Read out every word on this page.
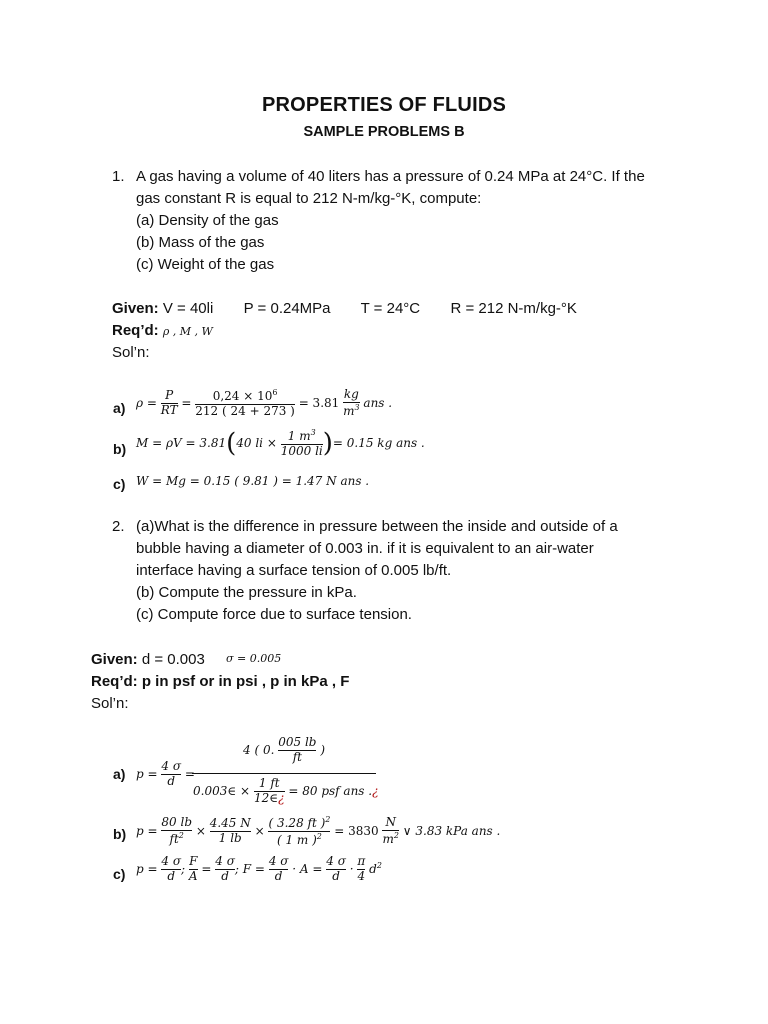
PROPERTIES OF FLUIDS
SAMPLE PROBLEMS B
1. A gas having a volume of 40 liters has a pressure of 0.24 MPa at 24°C. If the
gas constant R is equal to 212 N-m/kg-°K, compute:
(a) Density of the gas
(b) Mass of the gas
(c) Weight of the gas
Given: V = 40li P = 0.24MPa T = 24°C R = 212 N-m/kg-°K
Req’d: ρ , M , W
Sol’n:
a) $\rho = \frac{P}{RT} = \frac{0,24 \times 10^6}{212 ( 24 + 273 )} = 3.81 \frac{kg}{m^3}$ ans .
b) M = ρV = 3.81(40 li × $\frac{1 m^3}{1000 li}$ )= 0.15 kg ans .
c) W = Mg = 0.15 ( 9.81 ) = 1.47 N ans .
2. (a)What is the difference in pressure between the inside and outside of a
bubble having a diameter of 0.003 in. if it is equivalent to an air-water
interface having a surface tension of 0.005 lb/ft.
(b) Compute the pressure in kPa.
(c) Compute force due to surface tension.
Given: d = 0.003 σ = 0.005
Req’d: p in psf or in psi , p in kPa , F
Sol’n:
a) $p = \frac{4 \sigma}{d}$ =
4 ( 0. $\frac{005 lb}{ft}$ )
0.003∈ × $\frac{1 ft}{12\in¿} = 80$ psf ans .¿
b) $p = \frac{80 lb}{ft^2} \times \frac{4.45 N}{1 lb} \times \frac{( 3.28 ft )^2}{( 1 m )^2} = 3830 \frac{N}{m^2}$ ∨ 3.83 kPa ans .
c) $p = \frac{4 \sigma}{d}$ ; $\frac{F}{A} = \frac{4 \sigma}{d}$ ; $F = \frac{4 \sigma}{d} \cdot A = \frac{4 \sigma}{d} \cdot \frac{\pi}{4} d^2$
